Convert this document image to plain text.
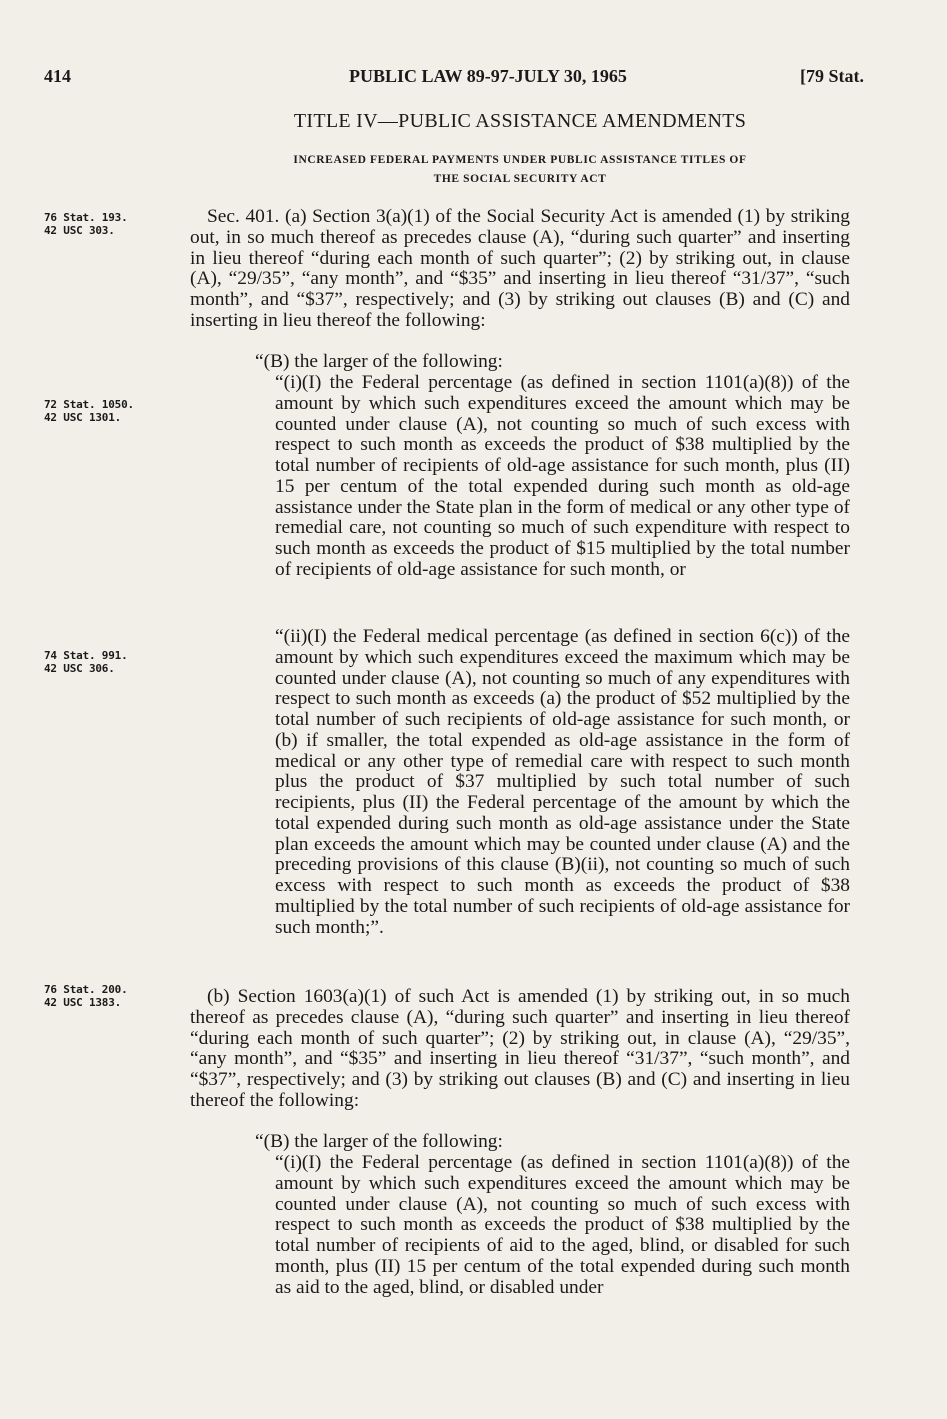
414	PUBLIC LAW 89-97-JULY 30, 1965	[79 Stat.
TITLE IV—PUBLIC ASSISTANCE AMENDMENTS
INCREASED FEDERAL PAYMENTS UNDER PUBLIC ASSISTANCE TITLES OF
THE SOCIAL SECURITY ACT
76 Stat. 193.
42 USC 303.
72 Stat. 1050.
42 USC 1301.
74 Stat. 991.
42 USC 306.
76 Stat. 200.
42 USC 1383.

Sec. 401. (a) Section 3(a)(1) of the Social Security Act is amended (1) by striking out, in so much thereof as precedes clause (A), “during such quarter” and inserting in lieu thereof “during each month of such quarter”; (2) by striking out, in clause (A), “29/35”, “any month”, and “$35” and inserting in lieu thereof “31/37”, “such month”, and “$37”, respectively; and (3) by striking out clauses (B) and (C) and inserting in lieu thereof the following:

“(B) the larger of the following:

“(i)(I) the Federal percentage (as defined in section 1101(a)(8)) of the amount by which such expenditures exceed the amount which may be counted under clause (A), not counting so much of such excess with respect to such month as exceeds the product of $38 multiplied by the total number of recipients of old-age assistance for such month, plus (II) 15 per centum of the total expended during such month as old-age assistance under the State plan in the form of medical or any other type of remedial care, not counting so much of such expenditure with respect to such month as exceeds the product of $15 multiplied by the total number of recipients of old-age assistance for such month, or

“(ii)(I) the Federal medical percentage (as defined in section 6(c)) of the amount by which such expenditures exceed the maximum which may be counted under clause (A), not counting so much of any expenditures with respect to such month as exceeds (a) the product of $52 multiplied by the total number of such recipients of old-age assistance for such month, or (b) if smaller, the total expended as old-age assistance in the form of medical or any other type of remedial care with respect to such month plus the product of $37 multiplied by such total number of such recipients, plus (II) the Federal percentage of the amount by which the total expended during such month as old-age assistance under the State plan exceeds the amount which may be counted under clause (A) and the preceding provisions of this clause (B)(ii), not counting so much of such excess with respect to such month as exceeds the product of $38 multiplied by the total number of such recipients of old-age assistance for such month;”.

(b) Section 1603(a)(1) of such Act is amended (1) by striking out, in so much thereof as precedes clause (A), “during such quarter” and inserting in lieu thereof “during each month of such quarter”; (2) by striking out, in clause (A), “29/35”, “any month”, and “$35” and inserting in lieu thereof “31/37”, “such month”, and “$37”, respectively; and (3) by striking out clauses (B) and (C) and inserting in lieu thereof the following:

“(B) the larger of the following:

“(i)(I) the Federal percentage (as defined in section 1101(a)(8)) of the amount by which such expenditures exceed the amount which may be counted under clause (A), not counting so much of such excess with respect to such month as exceeds the product of $38 multiplied by the total number of recipients of aid to the aged, blind, or disabled for such month, plus (II) 15 per centum of the total expended during such month as aid to the aged, blind, or disabled under
